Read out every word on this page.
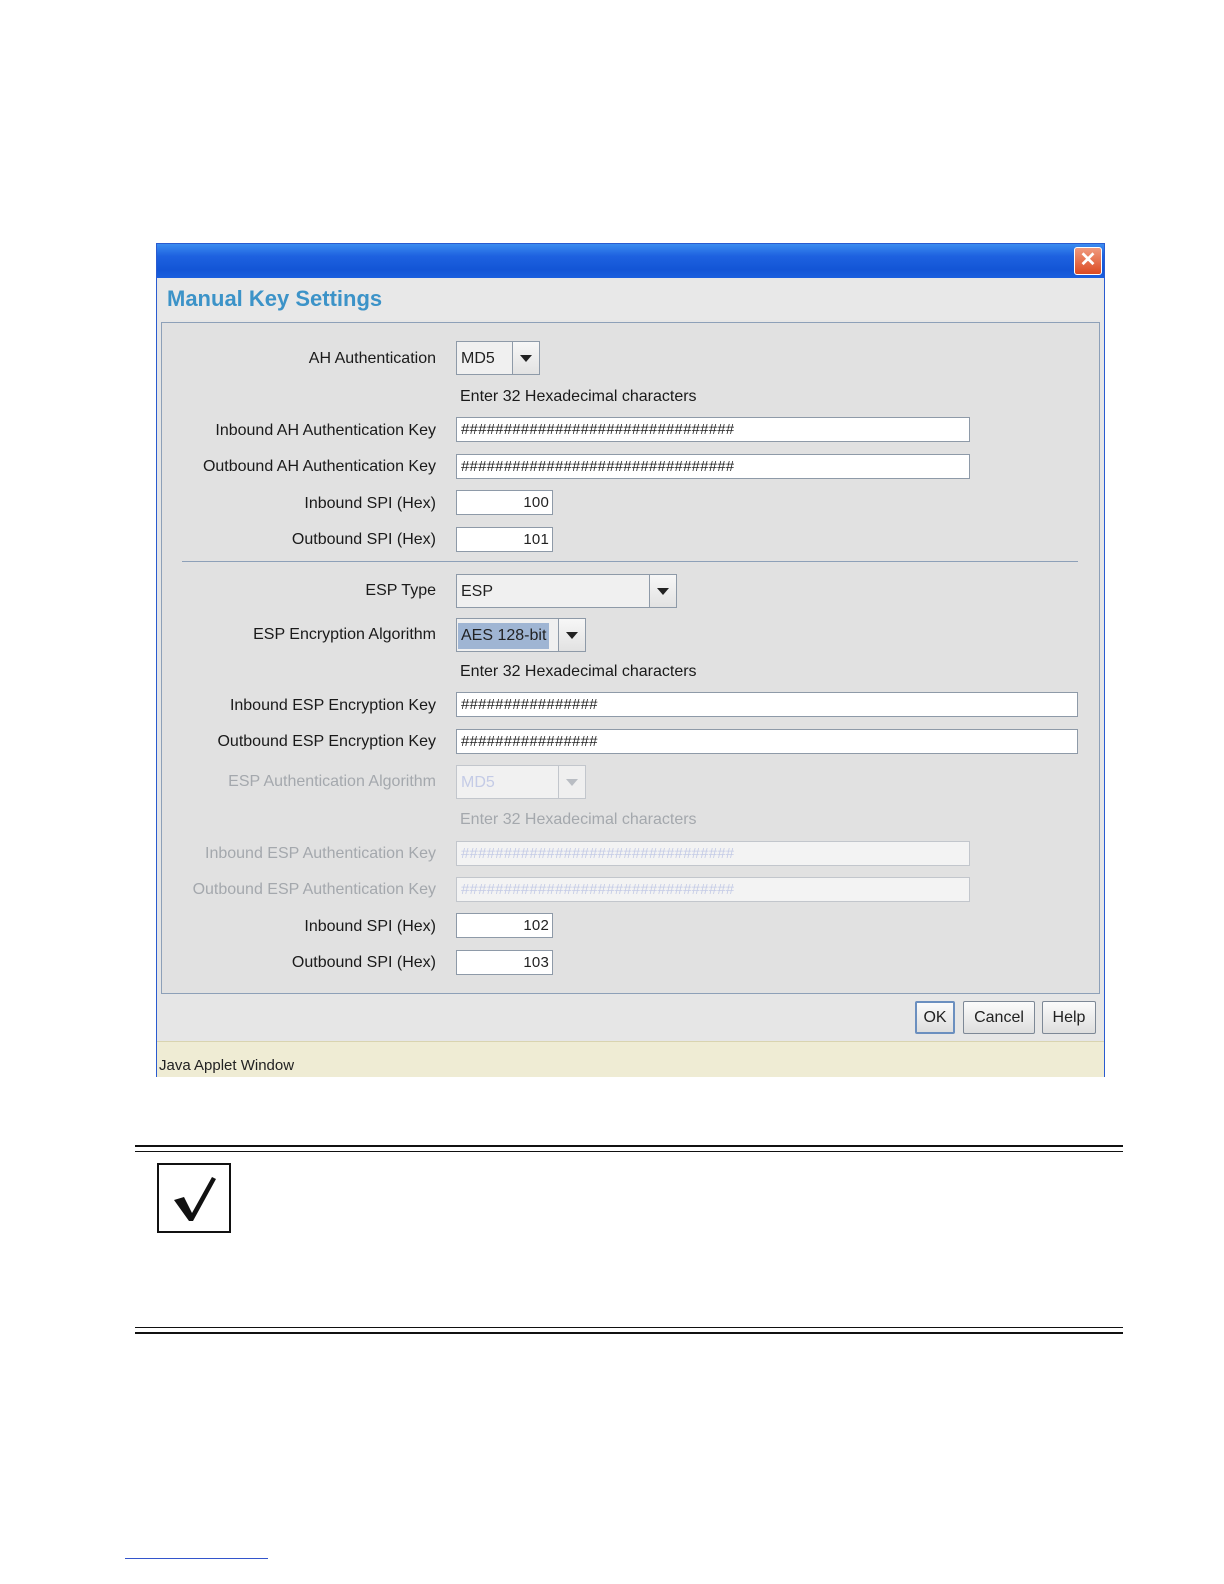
✕
Manual Key Settings
AH Authentication MD5
Enter 32 Hexadecimal characters
Inbound AH Authentication Key	################################
Outbound AH Authentication Key	################################
Inbound SPI (Hex)	100
Outbound SPI (Hex)	101
ESP Type ESP
ESP Encryption Algorithm AES 128-bit
Enter 32 Hexadecimal characters
Inbound ESP Encryption Key	################
Outbound ESP Encryption Key	################
ESP Authentication Algorithm MD5
Enter 32 Hexadecimal characters
Inbound ESP Authentication Key	################################
Outbound ESP Authentication Key	################################
Inbound SPI (Hex)	102
Outbound SPI (Hex)	103
OK	Cancel	Help
Java Applet Window
